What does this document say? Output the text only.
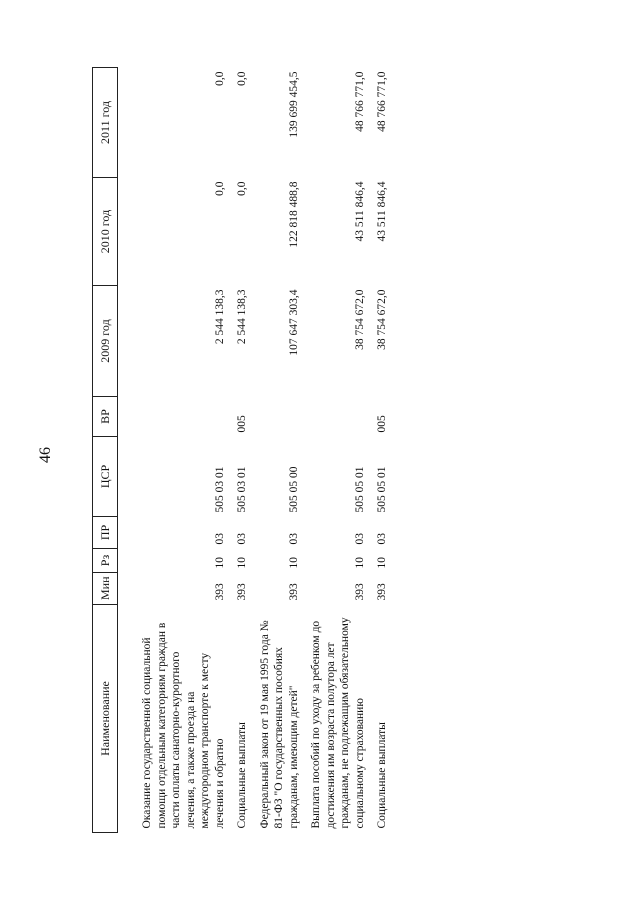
46
Наименование	Мин	Рз	ПР	ЦСР	ВР	2009 год	2010 год	2011 год

Оказание государственной социальной помощи отдельным категориям граждан в части оплаты санаторно-курортного лечения, а также проезда на междугородном транспорте к месту лечения и обратно	393	10	03	505 03 01		2 544 138,3	0,0	0,0
Социальные выплаты	393	10	03	505 03 01	005	2 544 138,3	0,0	0,0
Федеральный закон от 19 мая 1995 года № 81-ФЗ "О государственных пособиях гражданам, имеющим детей"	393	10	03	505 05 00		107 647 303,4	122 818 488,8	139 699 454,5
Выплата пособий по уходу за ребенком до достижения им возраста полутора лет гражданам, не подлежащим обязательному социальному страхованию	393	10	03	505 05 01		38 754 672,0	43 511 846,4	48 766 771,0
Социальные выплаты	393	10	03	505 05 01	005	38 754 672,0	43 511 846,4	48 766 771,0
